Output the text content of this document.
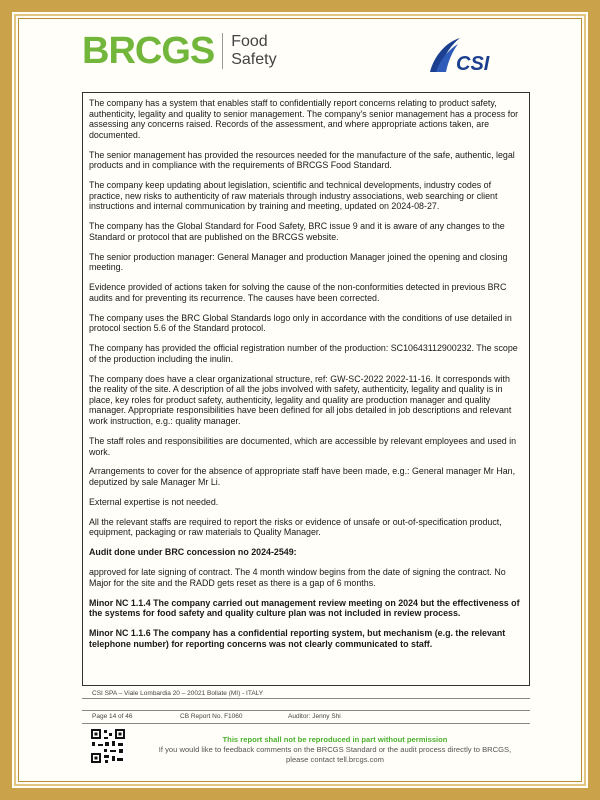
BRCGS Food
Safety	CSI

The company has a system that enables staff to confidentially report concerns relating to product safety, authenticity, legality and quality to senior management. The company's senior management has a process for assessing any concerns raised. Records of the assessment, and where appropriate actions taken, are documented.

The senior management has provided the resources needed for the manufacture of the safe, authentic, legal products and in compliance with the requirements of BRCGS Food Standard.

The company keep updating about legislation, scientific and technical developments, industry codes of practice, new risks to authenticity of raw materials through industry associations, web searching or client instructions and internal communication by training and meeting, updated on 2024-08-27.

The company has the Global Standard for Food Safety, BRC issue 9 and it is aware of any changes to the Standard or protocol that are published on the BRCGS website.

The senior production manager: General Manager and production Manager joined the opening and closing meeting.

Evidence provided of actions taken for solving the cause of the non-conformities detected in previous BRC audits and for preventing its recurrence. The causes have been corrected.

The company uses the BRC Global Standards logo only in accordance with the conditions of use detailed in protocol section 5.6 of the Standard protocol.

The company has provided the official registration number of the production: SC10643112900232. The scope of the production including the inulin.

The company does have a clear organizational structure, ref: GW-SC-2022 2022-11-16. It corresponds with the reality of the site. A description of all the jobs involved with safety, authenticity, legality and quality is in place, key roles for product safety, authenticity, legality and quality are production manager and quality manager. Appropriate responsibilities have been defined for all jobs detailed in job descriptions and relevant work instruction, e.g.: quality manager.

The staff roles and responsibilities are documented, which are accessible by relevant employees and used in work.

Arrangements to cover for the absence of appropriate staff have been made, e.g.: General manager Mr Han, deputized by sale Manager Mr Li.

External expertise is not needed.

All the relevant staffs are required to report the risks or evidence of unsafe or out-of-specification product, equipment, packaging or raw materials to Quality Manager.

Audit done under BRC concession no 2024-2549:

approved for late signing of contract. The 4 month window begins from the date of signing the contract. No Major for the site and the RADD gets reset as there is a gap of 6 months.

Minor NC 1.1.4 The company carried out management review meeting on 2024 but the effectiveness of the systems for food safety and quality culture plan was not included in review process.

Minor NC 1.1.6 The company has a confidential reporting system, but mechanism (e.g. the relevant telephone number) for reporting concerns was not clearly communicated to staff.

CSI SPA – Viale Lombardia 20 – 20021 Bollate (MI) - ITALY
Page 14 of 46	CB Report No. F1060	Auditor: Jenny Shi
This report shall not be reproduced in part without permission
If you would like to feedback comments on the BRCGS Standard or the audit process directly to BRCGS,
please contact tell.brcgs.com
